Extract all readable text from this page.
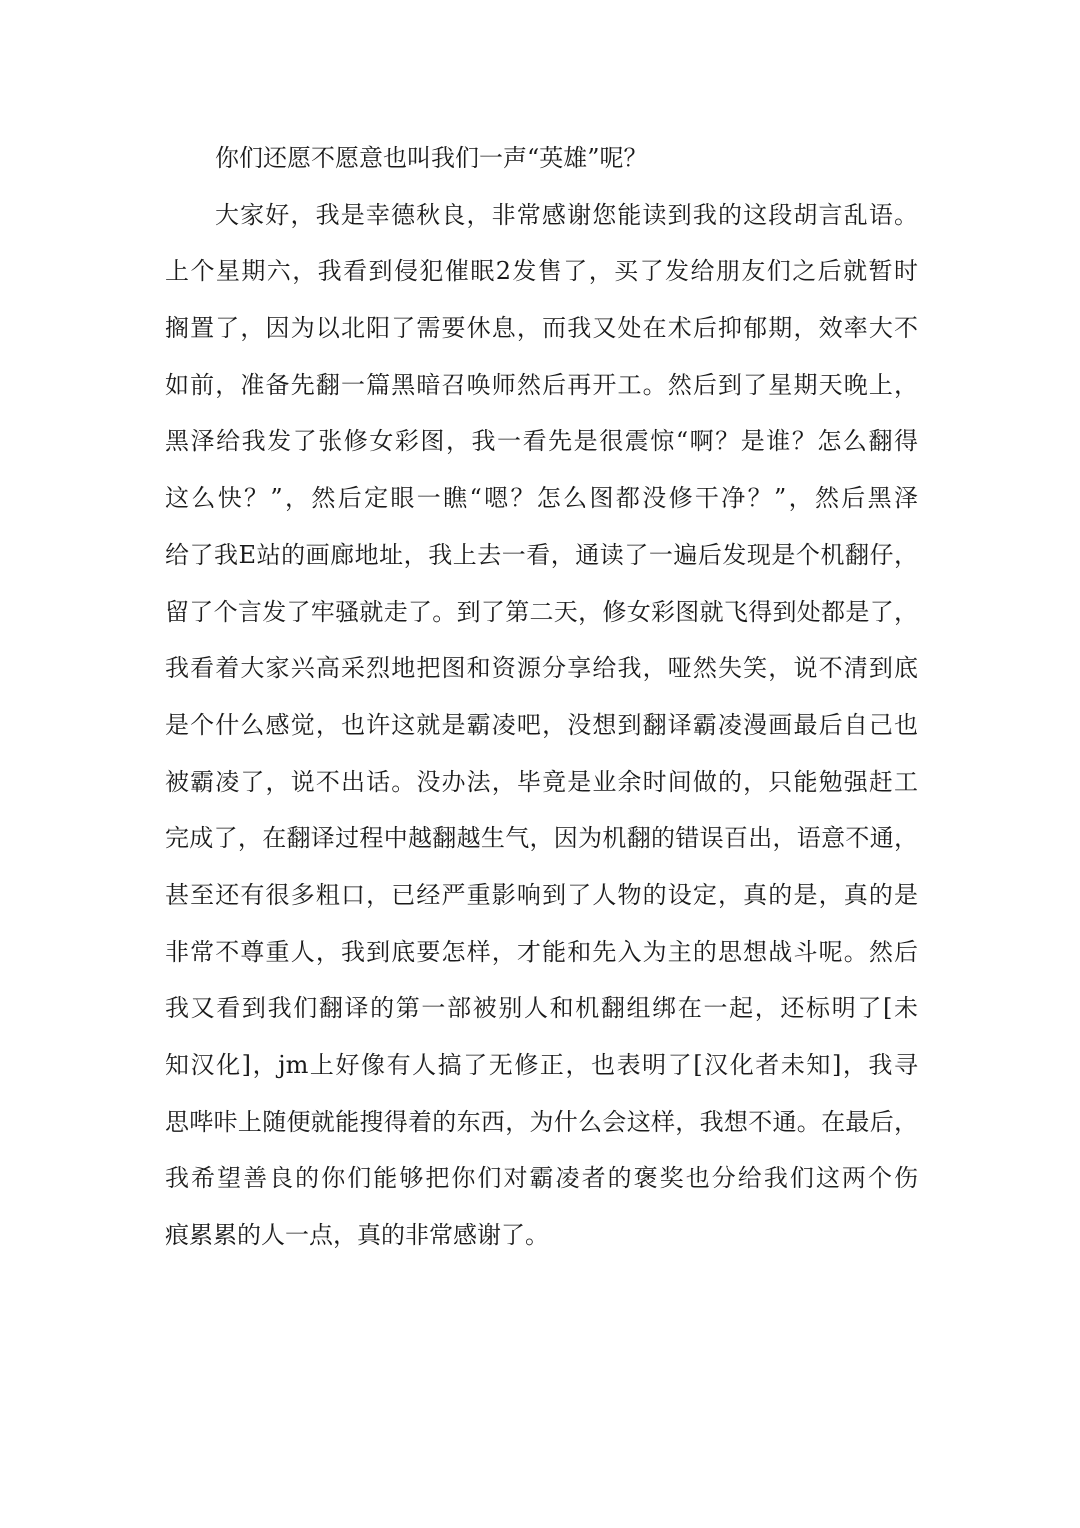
你们还愿不愿意也叫我们一声“英雄”呢？
大家好，我是幸德秋良，非常感谢您能读到我的这段胡言乱语。
上个星期六，我看到侵犯催眠2发售了，买了发给朋友们之后就暂时
搁置了，因为以北阳了需要休息，而我又处在术后抑郁期，效率大不
如前，准备先翻一篇黑暗召唤师然后再开工。然后到了星期天晚上，
黑泽给我发了张修女彩图，我一看先是很震惊“啊？是谁？怎么翻得
这么快？”，然后定眼一瞧“嗯？怎么图都没修干净？”，然后黑泽
给了我E站的画廊地址，我上去一看，通读了一遍后发现是个机翻仔，
留了个言发了牢骚就走了。到了第二天，修女彩图就飞得到处都是了，
我看着大家兴高采烈地把图和资源分享给我，哑然失笑，说不清到底
是个什么感觉，也许这就是霸凌吧，没想到翻译霸凌漫画最后自己也
被霸凌了，说不出话。没办法，毕竟是业余时间做的，只能勉强赶工
完成了，在翻译过程中越翻越生气，因为机翻的错误百出，语意不通，
甚至还有很多粗口，已经严重影响到了人物的设定，真的是，真的是
非常不尊重人，我到底要怎样，才能和先入为主的思想战斗呢。然后
我又看到我们翻译的第一部被别人和机翻组绑在一起，还标明了[未
知汉化]，jm上好像有人搞了无修正，也表明了[汉化者未知]，我寻
思哔咔上随便就能搜得着的东西，为什么会这样，我想不通。在最后，
我希望善良的你们能够把你们对霸凌者的褒奖也分给我们这两个伤
痕累累的人一点，真的非常感谢了。
